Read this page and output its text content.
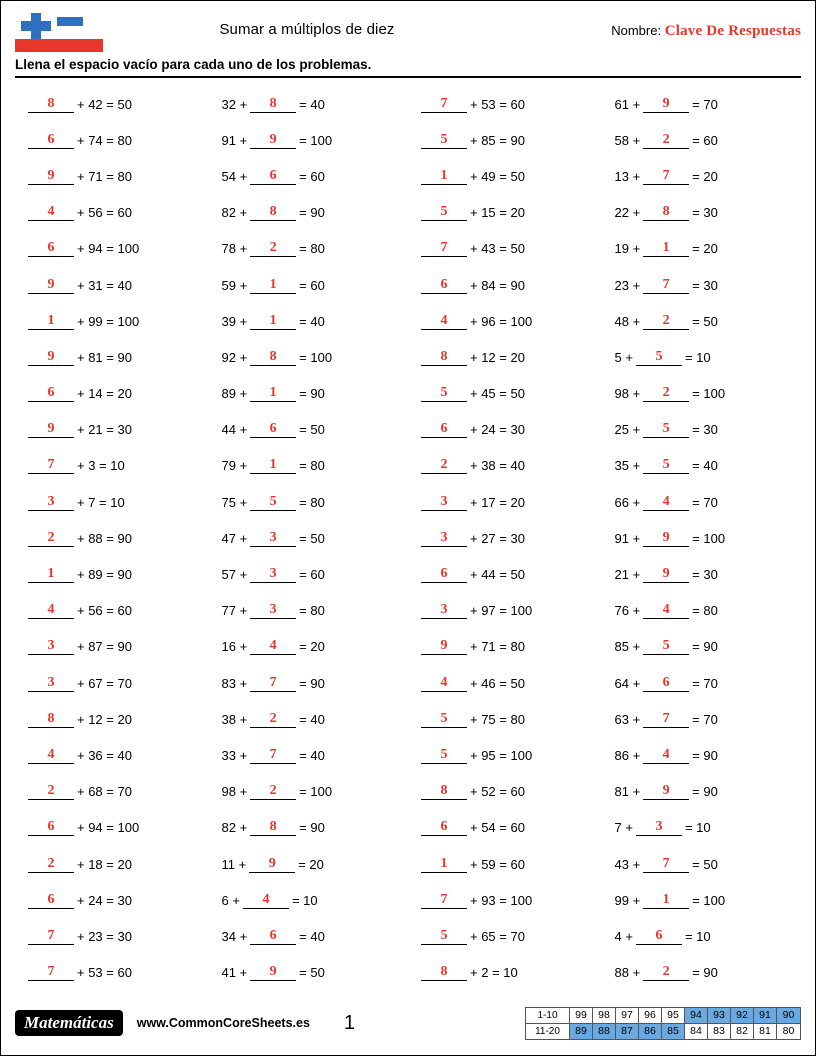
Sumar a múltiplos de diez	Nombre: Clave De Respuestas
Llena el espacio vacío para cada uno de los problemas.
8	+ 42 = 50	32 +	8	= 40	7	+ 53 = 60	61 +	9	= 70
6	+ 74 = 80	91 +	9	= 100	5	+ 85 = 90	58 +	2	= 60
9	+ 71 = 80	54 +	6	= 60	1	+ 49 = 50	13 +	7	= 20
4	+ 56 = 60	82 +	8	= 90	5	+ 15 = 20	22 +	8	= 30
6	+ 94 = 100	78 +	2	= 80	7	+ 43 = 50	19 +	1	= 20
9	+ 31 = 40	59 +	1	= 60	6	+ 84 = 90	23 +	7	= 30
1	+ 99 = 100	39 +	1	= 40	4	+ 96 = 100	48 +	2	= 50
9	+ 81 = 90	92 +	8	= 100	8	+ 12 = 20	5 +	5	= 10
6	+ 14 = 20	89 +	1	= 90	5	+ 45 = 50	98 +	2	= 100
9	+ 21 = 30	44 +	6	= 50	6	+ 24 = 30	25 +	5	= 30
7	+ 3 = 10	79 +	1	= 80	2	+ 38 = 40	35 +	5	= 40
3	+ 7 = 10	75 +	5	= 80	3	+ 17 = 20	66 +	4	= 70
2	+ 88 = 90	47 +	3	= 50	3	+ 27 = 30	91 +	9	= 100
1	+ 89 = 90	57 +	3	= 60	6	+ 44 = 50	21 +	9	= 30
4	+ 56 = 60	77 +	3	= 80	3	+ 97 = 100	76 +	4	= 80
3	+ 87 = 90	16 +	4	= 20	9	+ 71 = 80	85 +	5	= 90
3	+ 67 = 70	83 +	7	= 90	4	+ 46 = 50	64 +	6	= 70
8	+ 12 = 20	38 +	2	= 40	5	+ 75 = 80	63 +	7	= 70
4	+ 36 = 40	33 +	7	= 40	5	+ 95 = 100	86 +	4	= 90
2	+ 68 = 70	98 +	2	= 100	8	+ 52 = 60	81 +	9	= 90
6	+ 94 = 100	82 +	8	= 90	6	+ 54 = 60	7 +	3	= 10
2	+ 18 = 20	11 +	9	= 20	1	+ 59 = 60	43 +	7	= 50
6	+ 24 = 30	6 +	4	= 10	7	+ 93 = 100	99 +	1	= 100
7	+ 23 = 30	34 +	6	= 40	5	+ 65 = 70	4 +	6	= 10
7	+ 53 = 60	41 +	9	= 50	8	+ 2 = 10	88 +	2	= 90
Matemáticas	www.CommonCoreSheets.es 1	1-10	99	98	97	96	95	94	93	92	91	90
11-20	89	88	87	86	85	84	83	82	81	80
